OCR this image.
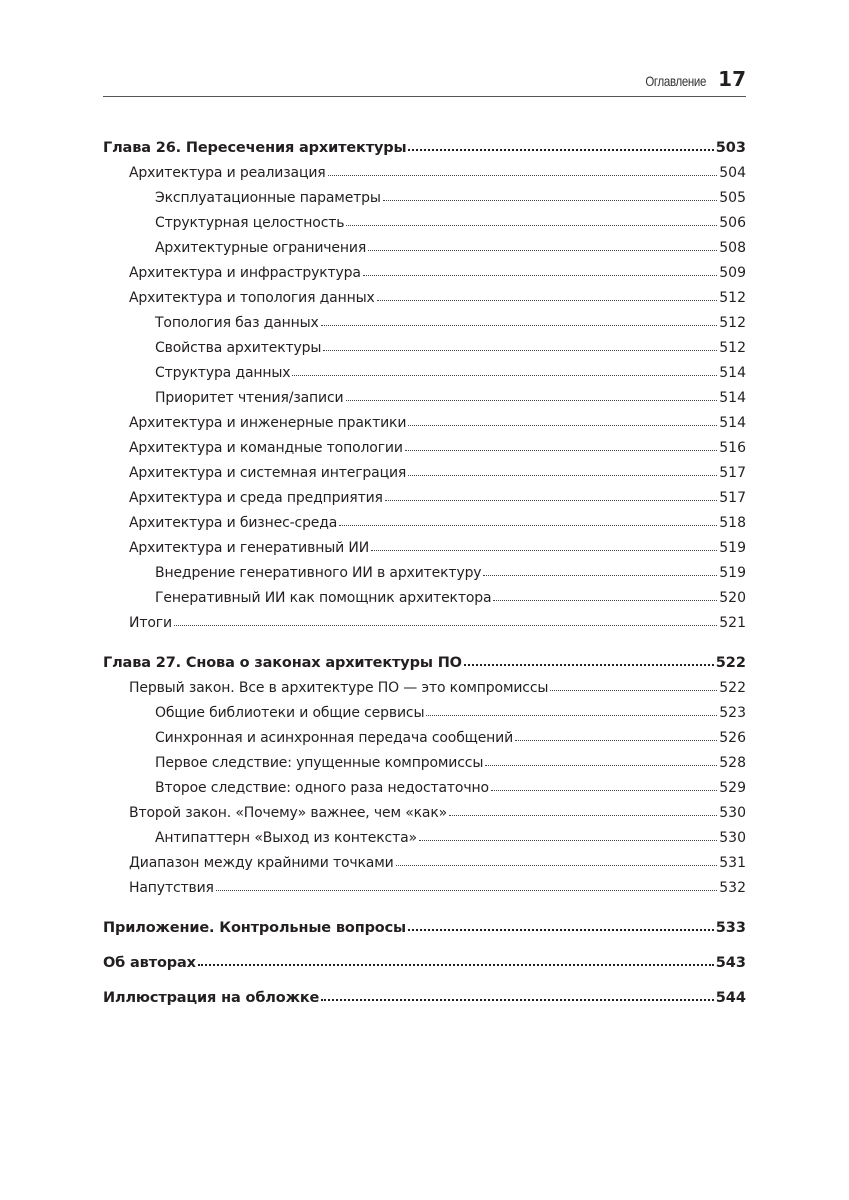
Оглавление 17
Глава 26. Пересечения архитектуры	503
Архитектура и реализация	504
Эксплуатационные параметры	505
Структурная целостность	506
Архитектурные ограничения	508
Архитектура и инфраструктура	509
Архитектура и топология данных	512
Топология баз данных	512
Свойства архитектуры	512
Структура данных	514
Приоритет чтения/записи	514
Архитектура и инженерные практики	514
Архитектура и командные топологии	516
Архитектура и системная интеграция	517
Архитектура и среда предприятия	517
Архитектура и бизнес-среда	518
Архитектура и генеративный ИИ	519
Внедрение генеративного ИИ в архитектуру	519
Генеративный ИИ как помощник архитектора	520
Итоги	521
Глава 27. Снова о законах архитектуры ПО	522
Первый закон. Все в архитектуре ПО — это компромиссы	522
Общие библиотеки и общие сервисы	523
Синхронная и асинхронная передача сообщений	526
Первое следствие: упущенные компромиссы	528
Второе следствие: одного раза недостаточно	529
Второй закон. «Почему» важнее, чем «как»	530
Антипаттерн «Выход из контекста»	530
Диапазон между крайними точками	531
Напутствия	532
Приложение. Контрольные вопросы	533
Об авторах	543
Иллюстрация на обложке	544
